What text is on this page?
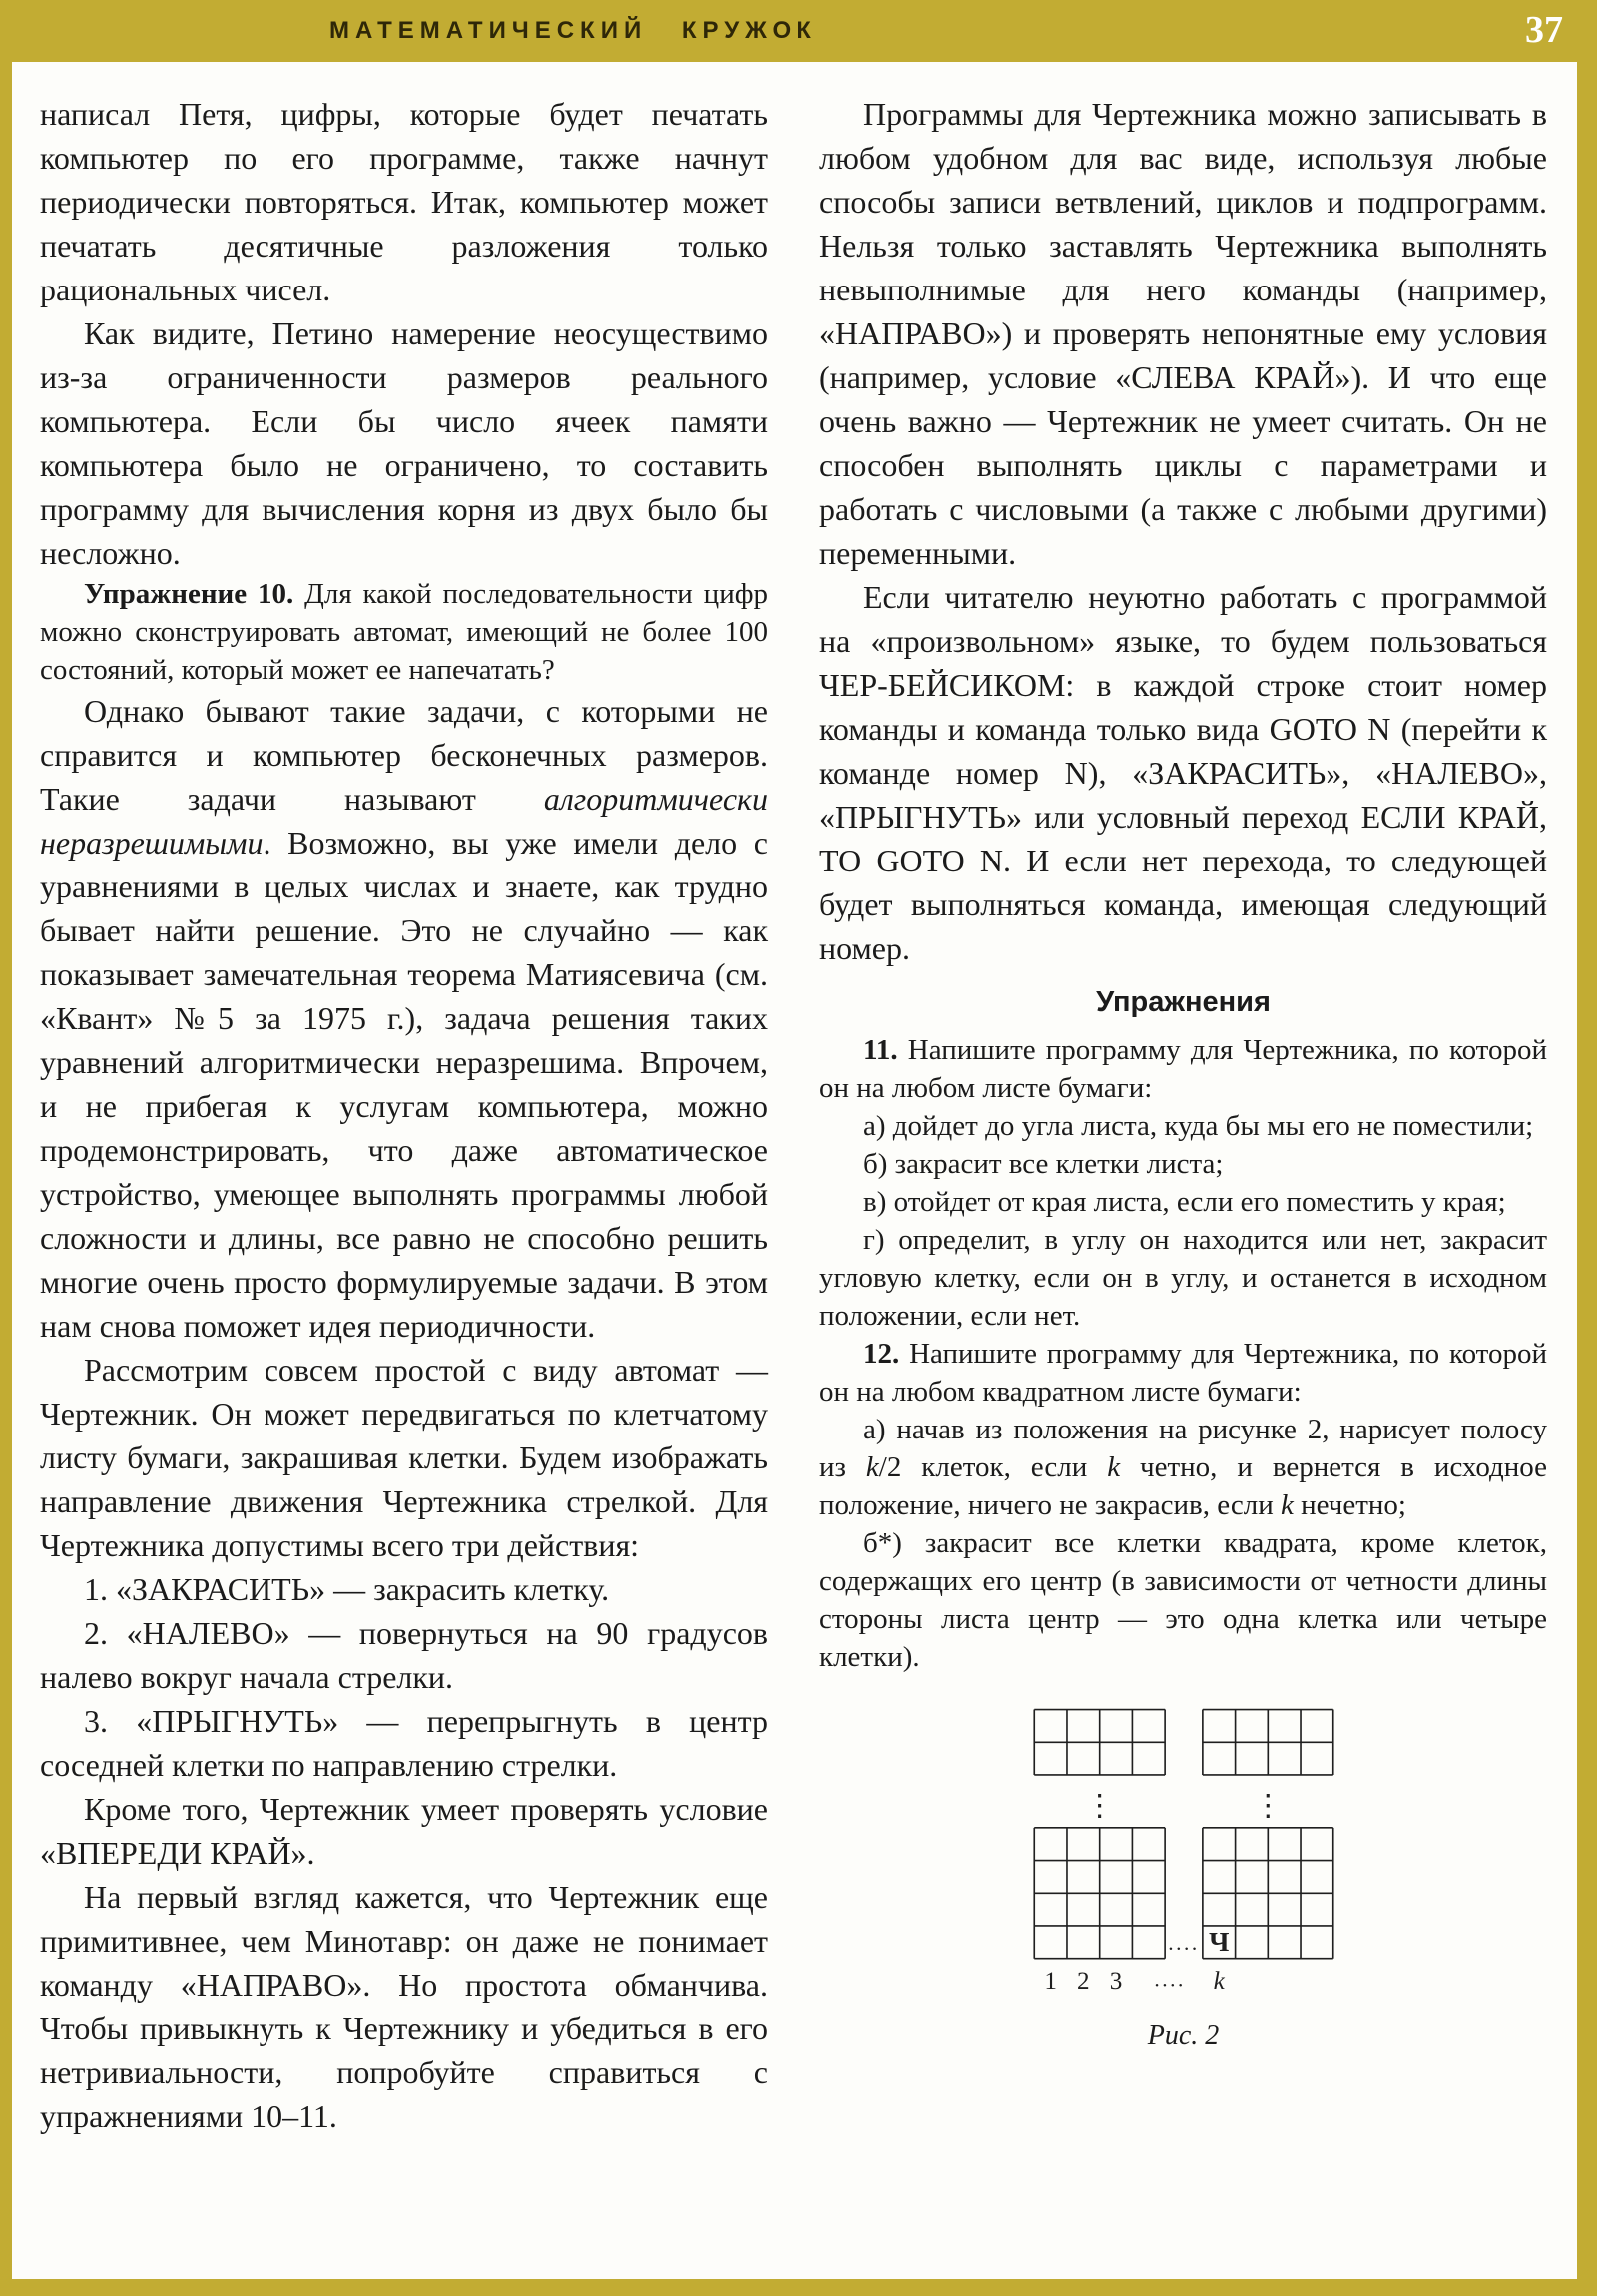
МАТЕМАТИЧЕСКИЙ КРУЖОК	37

написал Петя, цифры, которые будет печатать компьютер по его программе, также начнут периодически повторяться. Итак, компьютер может печатать десятичные разложения только рациональных чисел.

Как видите, Петино намерение неосуществимо из-за ограниченности размеров реального компьютера. Если бы число ячеек памяти компьютера было не ограничено, то составить программу для вычисления корня из двух было бы несложно.

Упражнение 10. Для какой последовательности цифр можно сконструировать автомат, имеющий не более 100 состояний, который может ее напечатать?

Однако бывают такие задачи, с которыми не справится и компьютер бесконечных размеров. Такие задачи называют алгоритмически неразрешимыми. Возможно, вы уже имели дело с уравнениями в целых числах и знаете, как трудно бывает найти решение. Это не случайно — как показывает замечательная теорема Матиясевича (см. «Квант» №5 за 1975 г.), задача решения таких уравнений алгоритмически неразрешима. Впрочем, и не прибегая к услугам компьютера, можно продемонстрировать, что даже автоматическое устройство, умеющее выполнять программы любой сложности и длины, все равно не способно решить многие очень просто формулируемые задачи. В этом нам снова поможет идея периодичности.

Рассмотрим совсем простой с виду автомат — Чертежник. Он может передвигаться по клетчатому листу бумаги, закрашивая клетки. Будем изображать направление движения Чертежника стрелкой. Для Чертежника допустимы всего три действия:

1. «ЗАКРАСИТЬ» — закрасить клетку.

2. «НАЛЕВО» — повернуться на 90 градусов налево вокруг начала стрелки.

3. «ПРЫГНУТЬ» — перепрыгнуть в центр соседней клетки по направлению стрелки.

Кроме того, Чертежник умеет проверять условие «ВПЕРЕДИ КРАЙ».

На первый взгляд кажется, что Чертежник еще примитивнее, чем Минотавр: он даже не понимает команду «НАПРАВО». Но простота обманчива. Чтобы привыкнуть к Чертежнику и убедиться в его нетривиальности, попробуйте справиться с упражнениями 10–11.

Программы для Чертежника можно записывать в любом удобном для вас виде, используя любые способы записи ветвлений, циклов и подпрограмм. Нельзя только заставлять Чертежника выполнять невыполнимые для него команды (например, «НАПРАВО») и проверять непонятные ему условия (например, условие «СЛЕВА КРАЙ»). И что еще очень важно — Чертежник не умеет считать. Он не способен выполнять циклы с параметрами и работать с числовыми (а также с любыми другими) переменными.

Если читателю неуютно работать с программой на «произвольном» языке, то будем пользоваться ЧЕР-БЕЙСИКОМ: в каждой строке стоит номер команды и команда только вида GOTO N (перейти к команде номер N), «ЗАКРАСИТЬ», «НАЛЕВО», «ПРЫГНУТЬ» или условный переход ЕСЛИ КРАЙ, ТО GOTO N. И если нет перехода, то следующей будет выполняться команда, имеющая следующий номер.

Упражнения

11. Напишите программу для Чертежника, по которой он на любом листе бумаги:

а) дойдет до угла листа, куда бы мы его не поместили;

б) закрасит все клетки листа;

в) отойдет от края листа, если его поместить у края;

г) определит, в углу он находится или нет, закрасит угловую клетку, если он в углу, и останется в исходном положении, если нет.

12. Напишите программу для Чертежника, по которой он на любом квадратном листе бумаги:

а) начав из положения на рисунке 2, нарисует полосу из k/2 клеток, если k четно, и вернется в исходное положение, ничего не закрасив, если k нечетно;

б*) закрасит все клетки квадрата, кроме клеток, содержащих его центр (в зависимости от четности длины стороны листа центр — это одна клетка или четыре клетки).

⋮	⋮
.... Ч
1 2 3 .... k
Рис. 2
